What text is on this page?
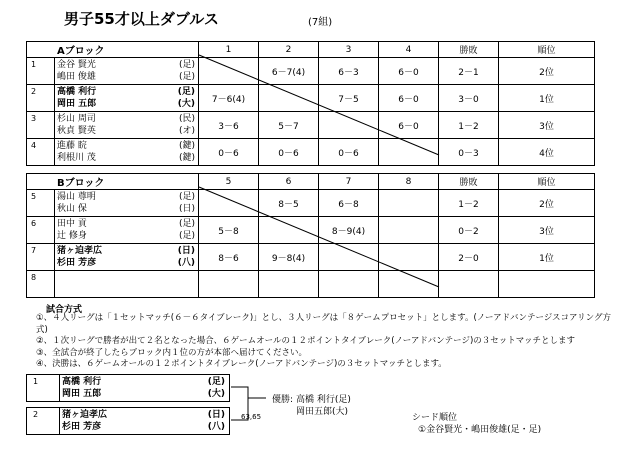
男子55才以上ダブルス	(7組)
Aブロック		1	2	3	4	勝敗	順位
1	金谷 賢光 (足)
嶋田 俊雄 (足)		6－7(4)	6－3	6－0	2－1	2位
2	高橋 利行 (足)
岡田 五郎 (大)	7－6(4)		7－5	6－0	3－0	1位
3	杉山 周司 (民)
秋貞 賢英 (オ)	3－6	5－7		6－0	1－2	3位
4	進藤 睆 (鍵)
利根川 茂 (鍵)	0－6	0－6	0－6		0－3	4位
Bブロック		5	6	7	8	勝敗	順位
5	湯山 尊明 (足)
秋山 保 (日)		8－5	6－8		1－2	2位
6	田中 貢 (足)
辻 修身 (足)	5－8		8－9(4)		0－2	3位
7	猪ヶ迫孝広 (日)
杉田 芳彦 (八)	8－6	9－8(4)			2－0	1位
8	

試合方式
①、４人リーグは「１セットマッチ(６－６タイブレーク)」とし、３人リーグは「８ゲームプロセット」とします。(ノーアドバンテージスコアリング方式)
②、１次リーグで勝者が出て２名となった場合、６ゲームオールの１２ポイントタイブレーク(ノーアドバンテージ)の３セットマッチとします
③、全試合が終了したらブロック内１位の方が本部へ届けてください。
④、決勝は、６ゲームオールの１２ポイントタイブレーク(ノーアドバンテージ)の３セットマッチとします。
1	高橋 利行	(足)
岡田 五郎	(大)
2	猪ヶ迫孝広	(日)
杉田 芳彦	(八)
優勝: 高橋 利行(足)
岡田五郎(大)
63,65	シード順位
①金谷賢光・嶋田俊雄(足・足)
